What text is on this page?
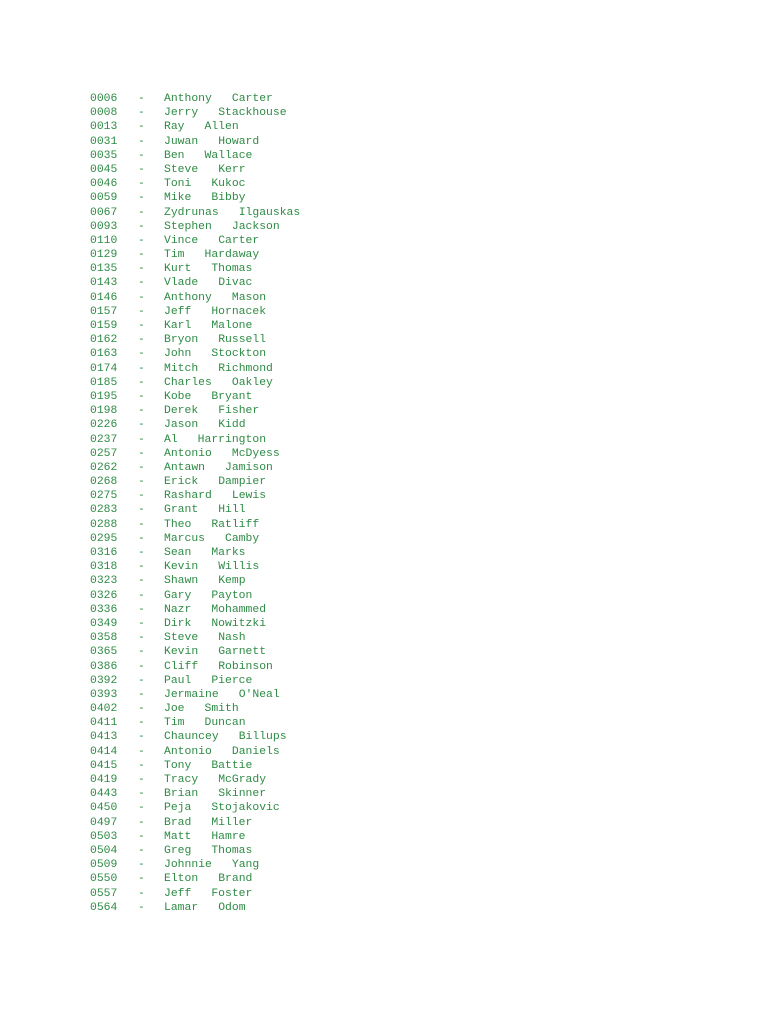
0006 - Anthony Carter
0008 - Jerry Stackhouse
0013 - Ray Allen
0031 - Juwan Howard
0035 - Ben Wallace
0045 - Steve Kerr
0046 - Toni Kukoc
0059 - Mike Bibby
0067 - Zydrunas Ilgauskas
0093 - Stephen Jackson
0110 - Vince Carter
0129 - Tim Hardaway
0135 - Kurt Thomas
0143 - Vlade Divac
0146 - Anthony Mason
0157 - Jeff Hornacek
0159 - Karl Malone
0162 - Bryon Russell
0163 - John Stockton
0174 - Mitch Richmond
0185 - Charles Oakley
0195 - Kobe Bryant
0198 - Derek Fisher
0226 - Jason Kidd
0237 - Al Harrington
0257 - Antonio McDyess
0262 - Antawn Jamison
0268 - Erick Dampier
0275 - Rashard Lewis
0283 - Grant Hill
0288 - Theo Ratliff
0295 - Marcus Camby
0316 - Sean Marks
0318 - Kevin Willis
0323 - Shawn Kemp
0326 - Gary Payton
0336 - Nazr Mohammed
0349 - Dirk Nowitzki
0358 - Steve Nash
0365 - Kevin Garnett
0386 - Cliff Robinson
0392 - Paul Pierce
0393 - Jermaine O'Neal
0402 - Joe Smith
0411 - Tim Duncan
0413 - Chauncey Billups
0414 - Antonio Daniels
0415 - Tony Battie
0419 - Tracy McGrady
0443 - Brian Skinner
0450 - Peja Stojakovic
0497 - Brad Miller
0503 - Matt Hamre
0504 - Greg Thomas
0509 - Johnnie Yang
0550 - Elton Brand
0557 - Jeff Foster
0564 - Lamar Odom
